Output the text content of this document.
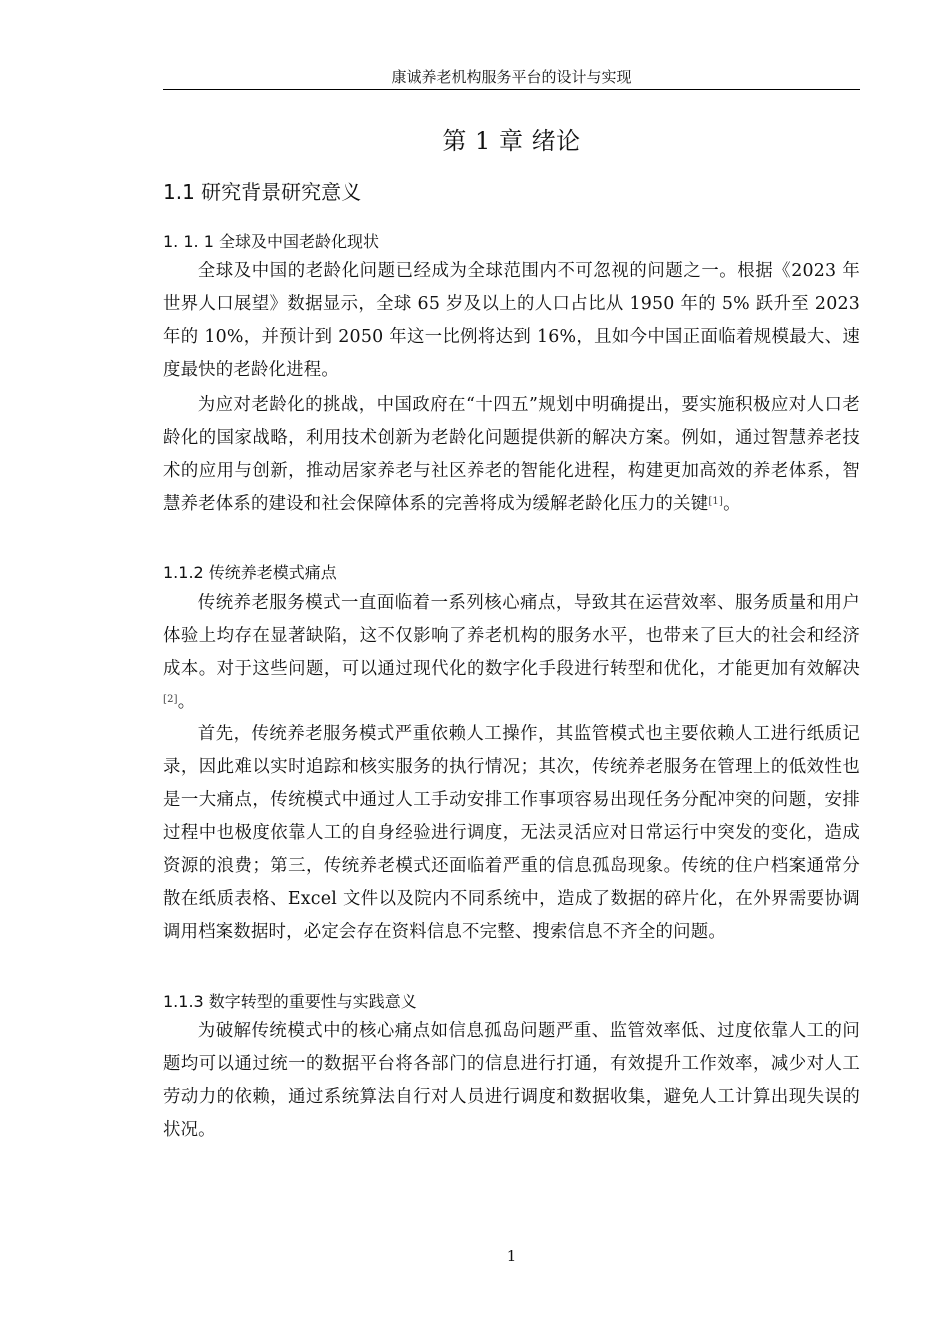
康诚养老机构服务平台的设计与实现
第 1 章 绪论
1.1 研究背景研究意义
1. 1. 1 全球及中国老龄化现状
全球及中国的老龄化问题已经成为全球范围内不可忽视的问题之一。根据《2023 年世界人口展望》数据显示，全球 65 岁及以上的人口占比从 1950 年的 5% 跃升至 2023 年的 10%，并预计到 2050 年这一比例将达到 16%，且如今中国正面临着规模最大、速度最快的老龄化进程。
为应对老龄化的挑战，中国政府在“十四五”规划中明确提出，要实施积极应对人口老龄化的国家战略，利用技术创新为老龄化问题提供新的解决方案。例如，通过智慧养老技术的应用与创新，推动居家养老与社区养老的智能化进程，构建更加高效的养老体系，智慧养老体系的建设和社会保障体系的完善将成为缓解老龄化压力的关键[1]。
1.1.2 传统养老模式痛点
传统养老服务模式一直面临着一系列核心痛点，导致其在运营效率、服务质量和用户体验上均存在显著缺陷，这不仅影响了养老机构的服务水平，也带来了巨大的社会和经济成本。对于这些问题，可以通过现代化的数字化手段进行转型和优化，才能更加有效解决[2]。
首先，传统养老服务模式严重依赖人工操作，其监管模式也主要依赖人工进行纸质记录，因此难以实时追踪和核实服务的执行情况；其次，传统养老服务在管理上的低效性也是一大痛点，传统模式中通过人工手动安排工作事项容易出现任务分配冲突的问题，安排过程中也极度依靠人工的自身经验进行调度，无法灵活应对日常运行中突发的变化，造成资源的浪费；第三，传统养老模式还面临着严重的信息孤岛现象。传统的住户档案通常分散在纸质表格、Excel 文件以及院内不同系统中，造成了数据的碎片化，在外界需要协调调用档案数据时，必定会存在资料信息不完整、搜索信息不齐全的问题。
1.1.3 数字转型的重要性与实践意义
为破解传统模式中的核心痛点如信息孤岛问题严重、监管效率低、过度依靠人工的问题均可以通过统一的数据平台将各部门的信息进行打通，有效提升工作效率，减少对人工劳动力的依赖，通过系统算法自行对人员进行调度和数据收集，避免人工计算出现失误的状况。
1
